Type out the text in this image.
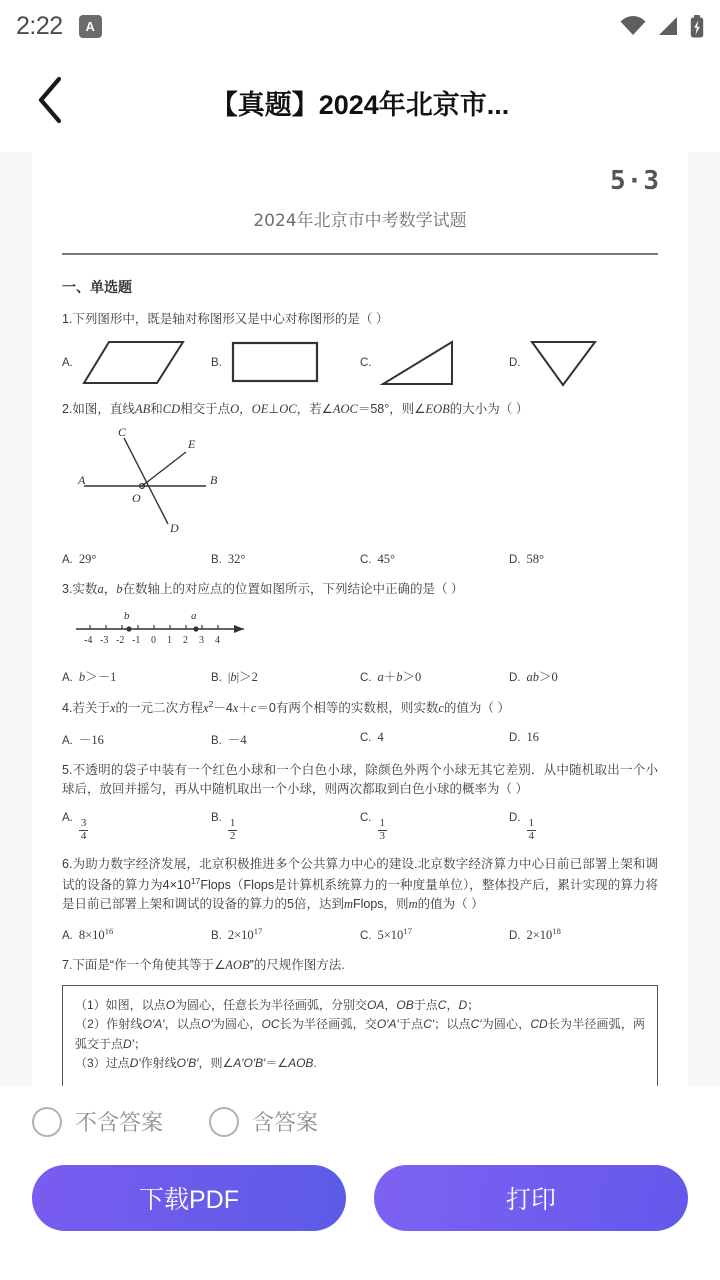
2:22	A
【真题】2024年北京市...
5·3
2024年北京市中考数学试题
一、单选题
1.下列图形中，既是轴对称图形又是中心对称图形的是（ ）
A.	B.	C.	D.
2.如图，直线AB和CD相交于点O，OE⊥OC，若∠AOC＝58°，则∠EOB的大小为（ ）
A	B
C
D
E
O
A. 29°	B. 32°	C. 45°	D. 58°
3.实数a，b在数轴上的对应点的位置如图所示，下列结论中正确的是（ ）
b	a
-4 -3 -2 -1 0 1 2 3 4
A. b＞－1	B. |b|＞2	C. a＋b＞0	D. ab＞0
4.若关于x的一元二次方程$x^2-4x+c=0$有两个相等的实数根，则实数c的值为（ ）
A. －16	B. －4	C. 4	D. 16
5.不透明的袋子中装有一个红色小球和一个白色小球，除颜色外两个小球无其它差别．从中随机取出一个小球后，放回并摇匀，再从中随机取出一个小球，则两次都取到白色小球的概率为（ ）
A. $\frac{3}{4}$	B. $\frac{1}{2}$	C. $\frac{1}{3}$	D. $\frac{1}{4}$
6.为助力数字经济发展，北京积极推进多个公共算力中心的建设.北京数字经济算力中心日前已部署上架和调试的设备的算力为$4\times 10^{17}Flops(Flops$是计算机系统算力的一种度量单位），整体投产后，累计实现的算力将是日前已部署上架和调试的设备的算力的5倍，达到mFlops，则m的值为（ ）
A. $8\times 10^{16}$	B. $2\times 10^{17}$	C. $5\times 10^{17}$	D. $2\times 10^{18}$
7.下面是“作一个角使其等于∠AOB”的尺规作图方法.
（1）如图，以点O为圆心，任意长为半径画弧，分别交OA，OB于点C，D；
（2）作射线O′A′，以点O′为圆心，OC长为半径画弧，交O′A′于点C′；以点C′为圆心，CD长为半径画弧，两弧交于点D′；
（3）过点D′作射线O′B′，则∠A′O′B′＝∠AOB.
不含答案	含答案
下载PDF	打印
